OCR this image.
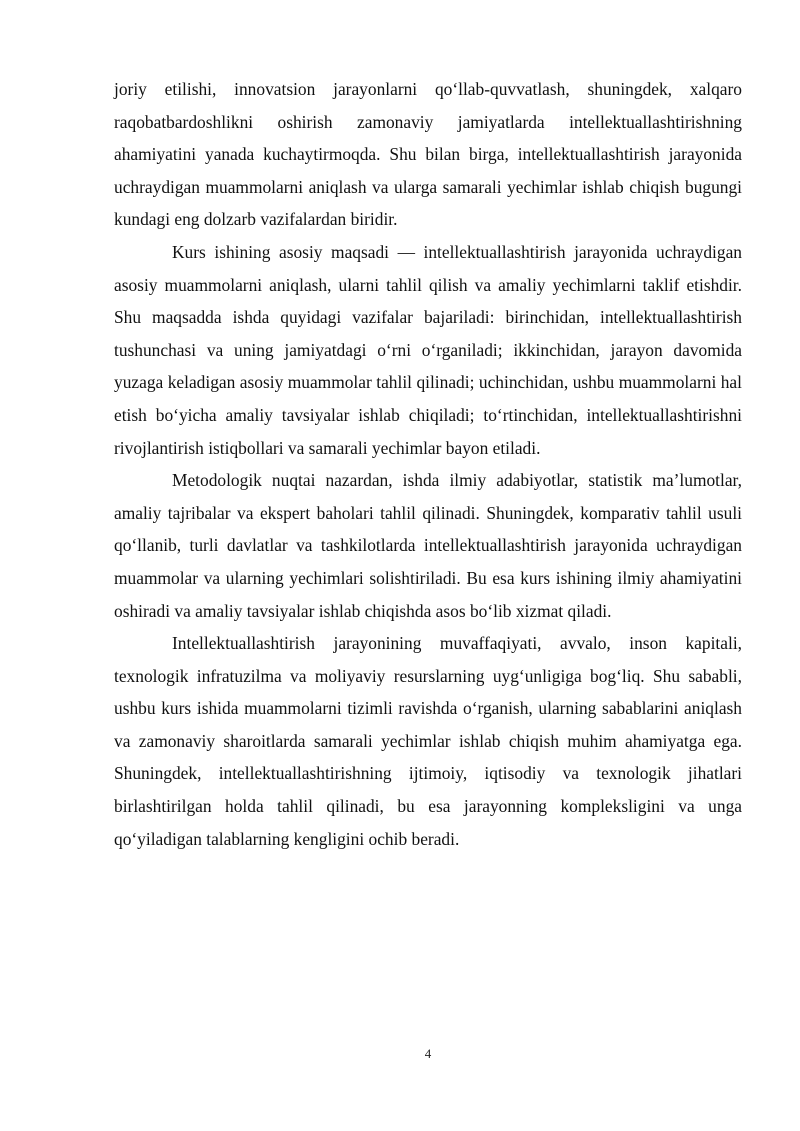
joriy etilishi, innovatsion jarayonlarni qo‘llab-quvvatlash, shuningdek, xalqaro raqobatbardoshlikni oshirish zamonaviy jamiyatlarda intellektuallashtirishning ahamiyatini yanada kuchaytirmoqda. Shu bilan birga, intellektuallashtirish jarayonida uchraydigan muammolarni aniqlash va ularga samarali yechimlar ishlab chiqish bugungi kundagi eng dolzarb vazifalardan biridir.

Kurs ishining asosiy maqsadi — intellektuallashtirish jarayonida uchraydigan asosiy muammolarni aniqlash, ularni tahlil qilish va amaliy yechimlarni taklif etishdir. Shu maqsadda ishda quyidagi vazifalar bajariladi: birinchidan, intellektuallashtirish tushunchasi va uning jamiyatdagi o‘rni o‘rganiladi; ikkinchidan, jarayon davomida yuzaga keladigan asosiy muammolar tahlil qilinadi; uchinchidan, ushbu muammolarni hal etish bo‘yicha amaliy tavsiyalar ishlab chiqiladi; to‘rtinchidan, intellektuallashtirishni rivojlantirish istiqbollari va samarali yechimlar bayon etiladi.

Metodologik nuqtai nazardan, ishda ilmiy adabiyotlar, statistik ma’lumotlar, amaliy tajribalar va ekspert baholari tahlil qilinadi. Shuningdek, komparativ tahlil usuli qo‘llanib, turli davlatlar va tashkilotlarda intellektuallashtirish jarayonida uchraydigan muammolar va ularning yechimlari solishtiriladi. Bu esa kurs ishining ilmiy ahamiyatini oshiradi va amaliy tavsiyalar ishlab chiqishda asos bo‘lib xizmat qiladi.

Intellektuallashtirish jarayonining muvaffaqiyati, avvalo, inson kapitali, texnologik infratuzilma va moliyaviy resurslarning uyg‘unligiga bog‘liq. Shu sababli, ushbu kurs ishida muammolarni tizimli ravishda o‘rganish, ularning sabablarini aniqlash va zamonaviy sharoitlarda samarali yechimlar ishlab chiqish muhim ahamiyatga ega. Shuningdek, intellektuallashtirishning ijtimoiy, iqtisodiy va texnologik jihatlari birlashtirilgan holda tahlil qilinadi, bu esa jarayonning kompleksligini va unga qo‘yiladigan talablarning kengligini ochib beradi.

4
